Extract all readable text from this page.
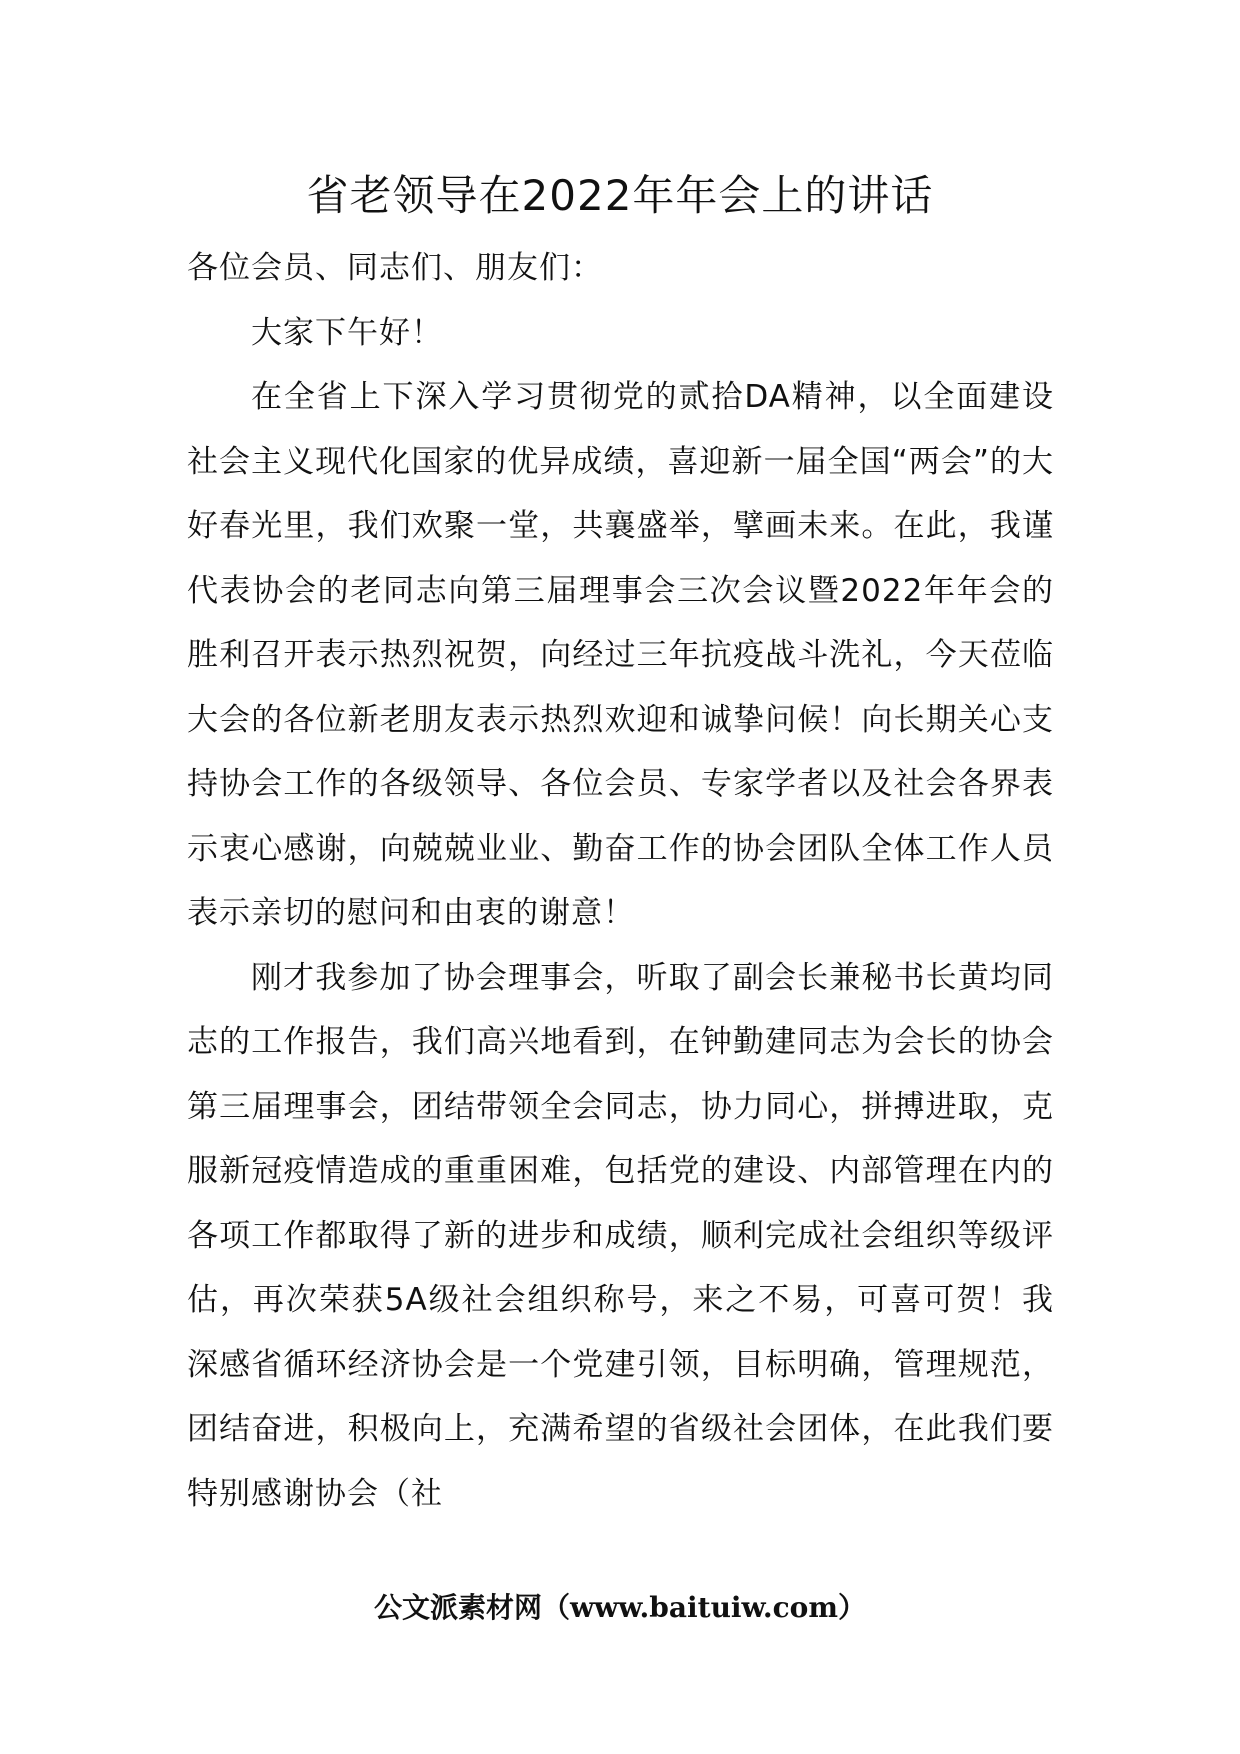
省老领导在2022年年会上的讲话

各位会员、同志们、朋友们：

大家下午好！

在全省上下深入学习贯彻党的贰拾DA精神，以全面建设社会主义现代化国家的优异成绩，喜迎新一届全国“两会”的大好春光里，我们欢聚一堂，共襄盛举，擘画未来。在此，我谨代表协会的老同志向第三届理事会三次会议暨2022年年会的胜利召开表示热烈祝贺，向经过三年抗疫战斗洗礼，今天莅临大会的各位新老朋友表示热烈欢迎和诚挚问候！向长期关心支持协会工作的各级领导、各位会员、专家学者以及社会各界表示衷心感谢，向兢兢业业、勤奋工作的协会团队全体工作人员表示亲切的慰问和由衷的谢意！

刚才我参加了协会理事会，听取了副会长兼秘书长黄均同志的工作报告，我们高兴地看到，在钟勤建同志为会长的协会第三届理事会，团结带领全会同志，协力同心，拼搏进取，克服新冠疫情造成的重重困难，包括党的建设、内部管理在内的各项工作都取得了新的进步和成绩，顺利完成社会组织等级评估，再次荣获5A级社会组织称号，来之不易，可喜可贺！我深感省循环经济协会是一个党建引领，目标明确，管理规范，团结奋进，积极向上，充满希望的省级社会团体，在此我们要特别感谢协会（社

公文派素材网（www.baituiw.com）
